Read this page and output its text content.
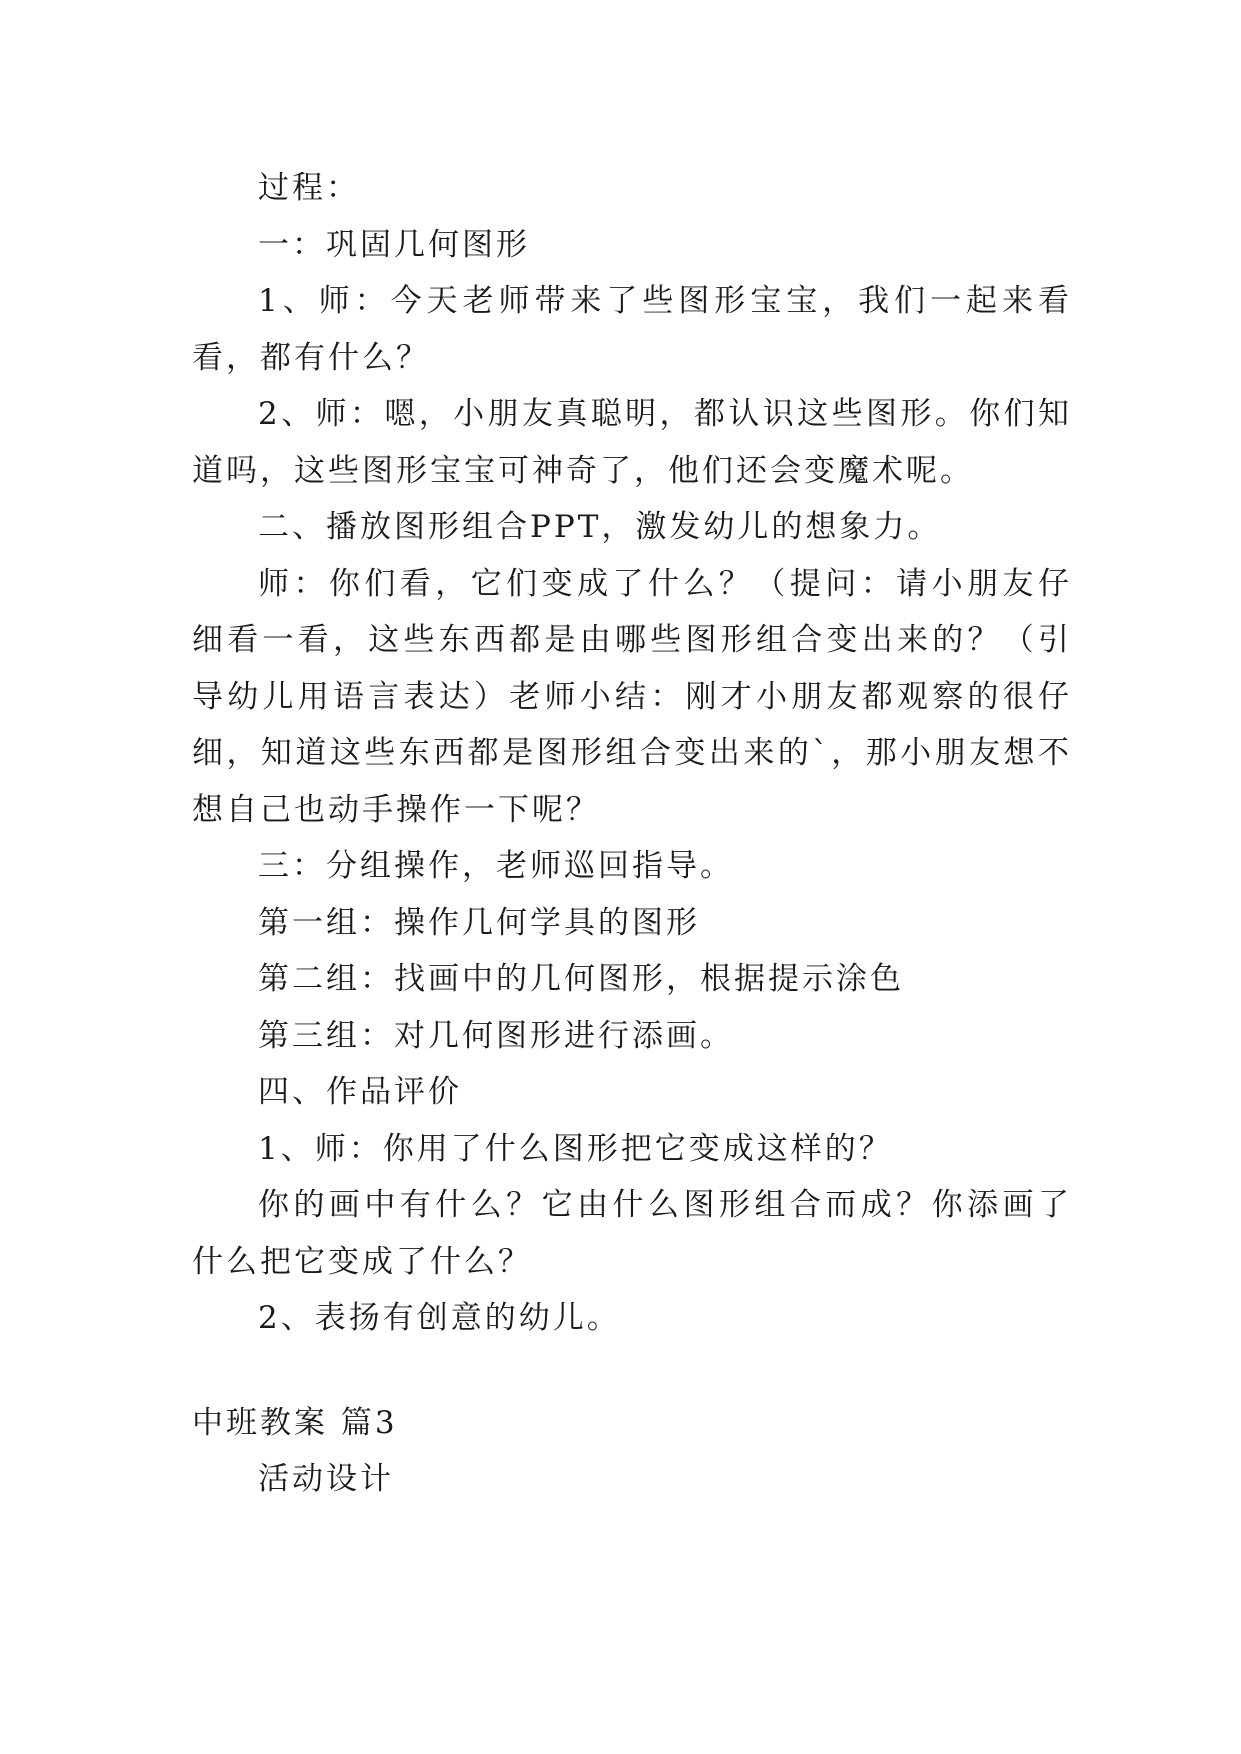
过程：

一：巩固几何图形

1、师：今天老师带来了些图形宝宝，我们一起来看看，都有什么？

2、师：嗯，小朋友真聪明，都认识这些图形。你们知道吗，这些图形宝宝可神奇了，他们还会变魔术呢。

二、播放图形组合PPT，激发幼儿的想象力。

师：你们看，它们变成了什么？（提问：请小朋友仔细看一看，这些东西都是由哪些图形组合变出来的？（引导幼儿用语言表达）老师小结：刚才小朋友都观察的很仔细，知道这些东西都是图形组合变出来的`，那小朋友想不想自己也动手操作一下呢？

三：分组操作，老师巡回指导。

第一组：操作几何学具的图形

第二组：找画中的几何图形，根据提示涂色

第三组：对几何图形进行添画。

四、作品评价

1、师：你用了什么图形把它变成这样的？

你的画中有什么？它由什么图形组合而成？你添画了什么把它变成了什么？

2、表扬有创意的幼儿。

中班教案 篇3

活动设计
